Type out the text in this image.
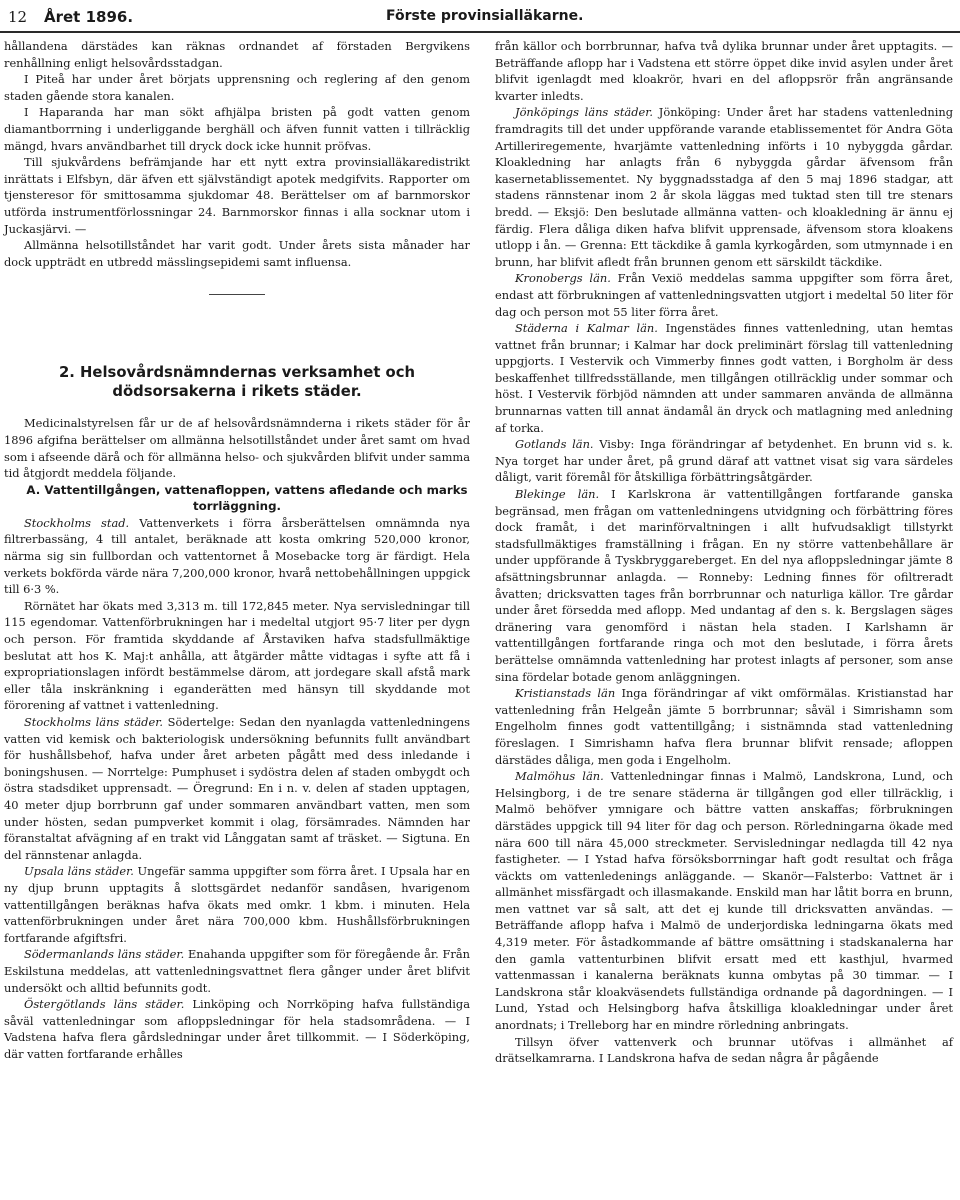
12 Året 1896.	Förste provinsialläkarne.

hållandena därstädes kan räknas ordnandet af förstaden Bergvikens renhållning enligt helsovårdsstadgan.

I Piteå har under året börjats upprensning och reglering af den genom staden gående stora kanalen.

I Haparanda har man sökt afhjälpa bristen på godt vatten genom diamantborrning i underliggande berghäll och äfven funnit vatten i tillräcklig mängd, hvars användbarhet till dryck dock icke hunnit pröfvas.

Till sjukvårdens befrämjande har ett nytt extra provinsialläkaredistrikt inrättats i Elfsbyn, där äfven ett självständigt apotek medgifvits. Rapporter om tjensteresor för smittosamma sjukdomar 48. Berättelser om af barnmorskor utförda instrumentförlossningar 24. Barnmorskor finnas i alla socknar utom i Juckasjärvi. —

Allmänna helsotillståndet har varit godt. Under årets sista månader har dock uppträdt en utbredd mässlingsepidemi samt influensa.

2. Helsovårdsnämndernas verksamhet och
dödsorsakerna i rikets städer.

Medicinalstyrelsen får ur de af helsovårdsnämnderna i rikets städer för år 1896 afgifna berättelser om allmänna helsotillståndet under året samt om hvad som i afseende därå och för allmänna helso- och sjukvården blifvit under samma tid åtgjordt meddela följande.

A. Vattentillgången, vattenafloppen, vattens afledande och marks torrläggning.

Stockholms stad. Vattenverkets i förra årsberättelsen omnämnda nya filtrerbassäng, 4 till antalet, beräknade att kosta omkring 520,000 kronor, närma sig sin fullbordan och vattentornet å Mosebacke torg är färdigt. Hela verkets bokförda värde nära 7,200,000 kronor, hvarå nettobehållningen uppgick till 6·3 %.

Rörnätet har ökats med 3,313 m. till 172,845 meter. Nya servisledningar till 115 egendomar. Vattenförbrukningen har i medeltal utgjort 95·7 liter per dygn och person. För framtida skyddande af Årstaviken hafva stadsfullmäktige beslutat att hos K. Maj:t anhålla, att åtgärder måtte vidtagas i syfte att få i expropriationslagen infördt bestämmelse därom, att jordegare skall afstå mark eller tåla inskränkning i eganderätten med hänsyn till skyddande mot förorening af vattnet i vattenledning.

Stockholms läns städer. Södertelge: Sedan den nyanlagda vattenledningens vatten vid kemisk och bakteriologisk undersökning befunnits fullt användbart för hushållsbehof, hafva under året arbeten pågått med dess inledande i boningshusen. — Norrtelge: Pumphuset i sydöstra delen af staden ombygdt och östra stadsdiket upprensadt. — Öregrund: En i n. v. delen af staden upptagen, 40 meter djup borrbrunn gaf under sommaren användbart vatten, men som under hösten, sedan pumpverket kommit i olag, försämrades. Nämnden har föranstaltat afvägning af en trakt vid Långgatan samt af träsket. — Sigtuna. En del rännstenar anlagda.

Upsala läns städer. Ungefär samma uppgifter som förra året. I Upsala har en ny djup brunn upptagits å slottsgärdet nedanför sandåsen, hvarigenom vattentillgången beräknas hafva ökats med omkr. 1 kbm. i minuten. Hela vattenförbrukningen under året nära 700,000 kbm. Hushållsförbrukningen fortfarande afgiftsfri.

Södermanlands läns städer. Enahanda uppgifter som för föregående år. Från Eskilstuna meddelas, att vattenledningsvattnet flera gånger under året blifvit undersökt och alltid befunnits godt.

Östergötlands läns städer. Linköping och Norrköping hafva fullständiga såväl vattenledningar som afloppsledningar för hela stadsområdena. — I Vadstena hafva flera gårdsledningar under året tillkommit. — I Söderköping, där vatten fortfarande erhålles

från källor och borrbrunnar, hafva två dylika brunnar under året upptagits. — Beträffande aflopp har i Vadstena ett större öppet dike invid asylen under året blifvit igenlagdt med kloakrör, hvari en del afloppsrör från angränsande kvarter inledts.

Jönköpings läns städer. Jönköping: Under året har stadens vattenledning framdragits till det under uppförande varande etablissementet för Andra Göta Artilleriregemente, hvarjämte vattenledning införts i 10 nybyggda gårdar. Kloakledning har anlagts från 6 nybyggda gårdar äfvensom från kasernetablissementet. Ny byggnadsstadga af den 5 maj 1896 stadgar, att stadens rännstenar inom 2 år skola läggas med tuktad sten till tre stenars bredd. — Eksjö: Den beslutade allmänna vatten- och kloakledning är ännu ej färdig. Flera dåliga diken hafva blifvit upprensade, äfvensom stora kloakens utlopp i ån. — Grenna: Ett täckdike å gamla kyrkogården, som utmynnade i en brunn, har blifvit afledt från brunnen genom ett särskildt täckdike.

Kronobergs län. Från Vexiö meddelas samma uppgifter som förra året, endast att förbrukningen af vattenledningsvatten utgjort i medeltal 50 liter för dag och person mot 55 liter förra året.

Städerna i Kalmar län. Ingenstädes finnes vattenledning, utan hemtas vattnet från brunnar; i Kalmar har dock preliminärt förslag till vattenledning uppgjorts. I Vestervik och Vimmerby finnes godt vatten, i Borgholm är dess beskaffenhet tillfredsställande, men tillgången otillräcklig under sommar och höst. I Vestervik förbjöd nämnden att under sammaren använda de allmänna brunnarnas vatten till annat ändamål än dryck och matlagning med anledning af torka.

Gotlands län. Visby: Inga förändringar af betydenhet. En brunn vid s. k. Nya torget har under året, på grund däraf att vattnet visat sig vara särdeles dåligt, varit föremål för åtskilliga förbättringsåtgärder.

Blekinge län. I Karlskrona är vattentillgången fortfarande ganska begränsad, men frågan om vattenledningens utvidgning och förbättring föres dock framåt, i det marinförvaltningen i allt hufvudsakligt tillstyrkt stadsfullmäktiges framställning i frågan. En ny större vattenbehållare är under uppförande å Tyskbryggareberget. En del nya afloppsledningar jämte 8 afsättningsbrunnar anlagda. — Ronneby: Ledning finnes för ofiltreradt åvatten; dricksvatten tages från borrbrunnar och naturliga källor. Tre gårdar under året försedda med aflopp. Med undantag af den s. k. Bergslagen säges dränering vara genomförd i nästan hela staden. I Karlshamn är vattentillgången fortfarande ringa och mot den beslutade, i förra årets berättelse omnämnda vattenledning har protest inlagts af personer, som anse sina fördelar botade genom anläggningen.

Kristianstads län Inga förändringar af vikt omförmälas. Kristianstad har vattenledning från Helgeån jämte 5 borrbrunnar; såväl i Simrishamn som Engelholm finnes godt vattentillgång; i sistnämnda stad vattenledning föreslagen. I Simrishamn hafva flera brunnar blifvit rensade; afloppen därstädes dåliga, men goda i Engelholm.

Malmöhus län. Vattenledningar finnas i Malmö, Landskrona, Lund, och Helsingborg, i de tre senare städerna är tillgången god eller tillräcklig, i Malmö behöfver ymnigare och bättre vatten anskaffas; förbrukningen därstädes uppgick till 94 liter för dag och person. Rörledningarna ökade med nära 600 till nära 45,000 streckmeter. Servisledningar nedlagda till 42 nya fastigheter. — I Ystad hafva försöksborrningar haft godt resultat och fråga väckts om vattenledenings anläggande. — Skanör—Falsterbo: Vattnet är i allmänhet missfärgadt och illasmakande. Enskild man har låtit borra en brunn, men vattnet var så salt, att det ej kunde till dricksvatten användas. — Beträffande aflopp hafva i Malmö de underjordiska ledningarna ökats med 4,319 meter. För åstadkommande af bättre omsättning i stadskanalerna har den gamla vattenturbinen blifvit ersatt med ett kasthjul, hvarmed vattenmassan i kanalerna beräknats kunna ombytas på 30 timmar. — I Landskrona står kloakväsendets fullständiga ordnande på dagordningen. — I Lund, Ystad och Helsingborg hafva åtskilliga kloakledningar under året anordnats; i Trelleborg har en mindre rörledning anbringats.

Tillsyn öfver vattenverk och brunnar utöfvas i allmänhet af drätselkamrarna. I Landskrona hafva de sedan några år pågående
